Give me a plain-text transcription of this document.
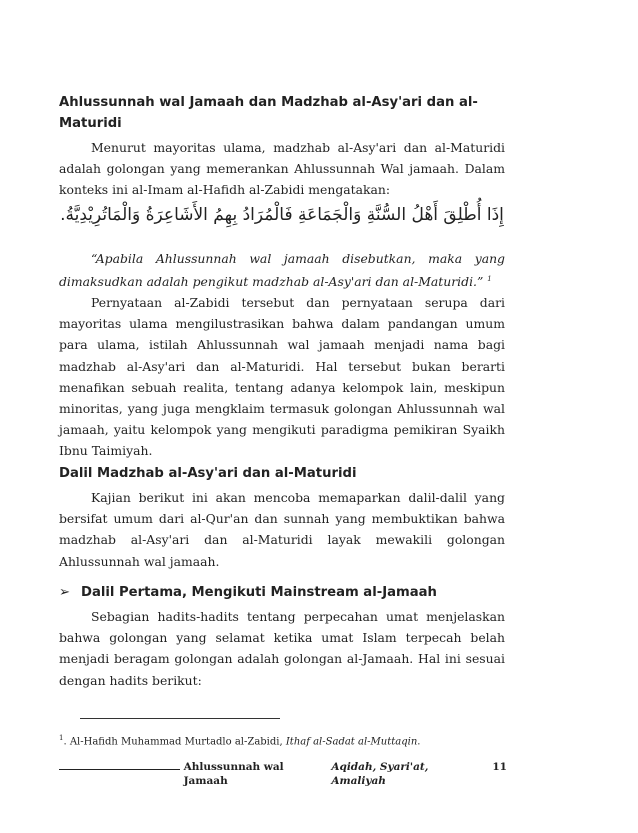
Ahlussunnah wal Jamaah dan Madzhab al-Asy'ari dan al-
Maturidi

Menurut mayoritas ulama, madzhab al-Asy'ari dan al-Maturidi adalah golongan yang memerankan Ahlussunnah Wal jamaah. Dalam konteks ini al-Imam al-Hafidh al-Zabidi mengatakan:

إِذَا أُطْلِقَ أَهْلُ السُّنَّةِ وَالْجَمَاعَةِ فَالْمُرَادُ بِهِمُ الأَشَاعِرَةُ وَالْمَاتُرِيْدِيَّةُ.

“Apabila Ahlussunnah wal jamaah disebutkan, maka yang dimaksudkan adalah pengikut madzhab al-Asy'ari dan al-Maturidi.” $^1$

Pernyataan al-Zabidi tersebut dan pernyataan serupa dari mayoritas ulama mengilustrasikan bahwa dalam pandangan umum para ulama, istilah Ahlussunnah wal jamaah menjadi nama bagi madzhab al-Asy'ari dan al-Maturidi. Hal tersebut bukan berarti menafikan sebuah realita, tentang adanya kelompok lain, meskipun minoritas, yang juga mengklaim termasuk golongan Ahlussunnah wal jamaah, yaitu kelompok yang mengikuti paradigma pemikiran Syaikh Ibnu Taimiyah.

Dalil Madzhab al-Asy'ari dan al-Maturidi

Kajian berikut ini akan mencoba memaparkan dalil-dalil yang bersifat umum dari al-Qur'an dan sunnah yang membuktikan bahwa madzhab al-Asy'ari dan al-Maturidi layak mewakili golongan Ahlussunnah wal jamaah.

➢ Dalil Pertama, Mengikuti Mainstream al-Jamaah

Sebagian hadits-hadits tentang perpecahan umat menjelaskan bahwa golongan yang selamat ketika umat Islam terpecah belah menjadi beragam golongan adalah golongan al-Jamaah. Hal ini sesuai dengan hadits berikut:

$^1$. Al-Hafidh Muhammad Murtadlo al-Zabidi, Ithaf al-Sadat al-Muttaqin.
Ahlussunnah wal Jamaah
Aqidah, Syari'at, Amaliyah
11
